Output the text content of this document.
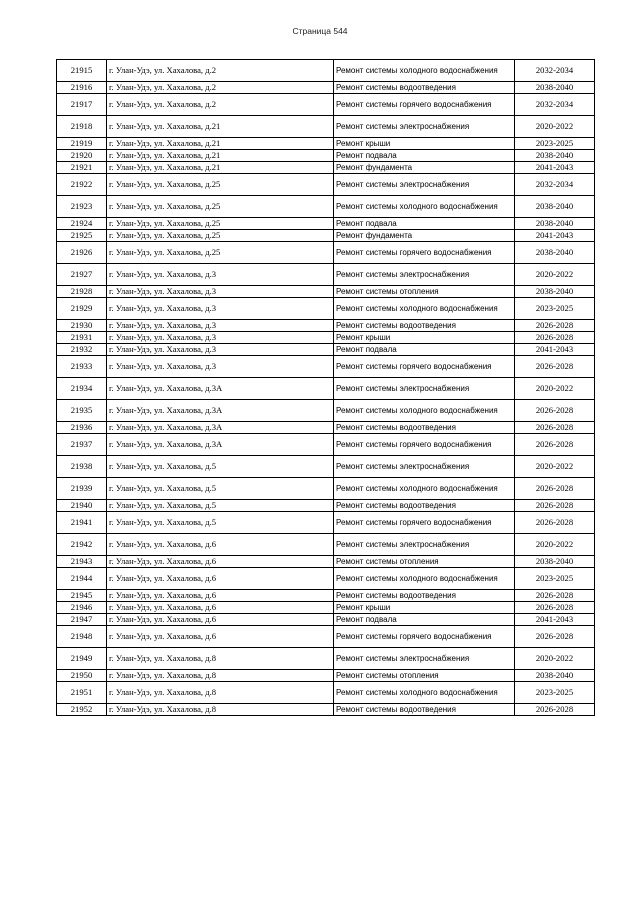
Страница 544
21915	г. Улан-Удэ, ул. Хахалова, д.2	Ремонт системы холодного водоснабжения	2032-2034
21916	г. Улан-Удэ, ул. Хахалова, д.2	Ремонт системы водоотведения	2038-2040
21917	г. Улан-Удэ, ул. Хахалова, д.2	Ремонт системы горячего водоснабжения	2032-2034
21918	г. Улан-Удэ, ул. Хахалова, д.21	Ремонт системы электроснабжения	2020-2022
21919	г. Улан-Удэ, ул. Хахалова, д.21	Ремонт крыши	2023-2025
21920	г. Улан-Удэ, ул. Хахалова, д.21	Ремонт подвала	2038-2040
21921	г. Улан-Удэ, ул. Хахалова, д.21	Ремонт фундамента	2041-2043
21922	г. Улан-Удэ, ул. Хахалова, д.25	Ремонт системы электроснабжения	2032-2034
21923	г. Улан-Удэ, ул. Хахалова, д.25	Ремонт системы холодного водоснабжения	2038-2040
21924	г. Улан-Удэ, ул. Хахалова, д.25	Ремонт подвала	2038-2040
21925	г. Улан-Удэ, ул. Хахалова, д.25	Ремонт фундамента	2041-2043
21926	г. Улан-Удэ, ул. Хахалова, д.25	Ремонт системы горячего водоснабжения	2038-2040
21927	г. Улан-Удэ, ул. Хахалова, д.3	Ремонт системы электроснабжения	2020-2022
21928	г. Улан-Удэ, ул. Хахалова, д.3	Ремонт системы отопления	2038-2040
21929	г. Улан-Удэ, ул. Хахалова, д.3	Ремонт системы холодного водоснабжения	2023-2025
21930	г. Улан-Удэ, ул. Хахалова, д.3	Ремонт системы водоотведения	2026-2028
21931	г. Улан-Удэ, ул. Хахалова, д.3	Ремонт крыши	2026-2028
21932	г. Улан-Удэ, ул. Хахалова, д.3	Ремонт подвала	2041-2043
21933	г. Улан-Удэ, ул. Хахалова, д.3	Ремонт системы горячего водоснабжения	2026-2028
21934	г. Улан-Удэ, ул. Хахалова, д.3А	Ремонт системы электроснабжения	2020-2022
21935	г. Улан-Удэ, ул. Хахалова, д.3А	Ремонт системы холодного водоснабжения	2026-2028
21936	г. Улан-Удэ, ул. Хахалова, д.3А	Ремонт системы водоотведения	2026-2028
21937	г. Улан-Удэ, ул. Хахалова, д.3А	Ремонт системы горячего водоснабжения	2026-2028
21938	г. Улан-Удэ, ул. Хахалова, д.5	Ремонт системы электроснабжения	2020-2022
21939	г. Улан-Удэ, ул. Хахалова, д.5	Ремонт системы холодного водоснабжения	2026-2028
21940	г. Улан-Удэ, ул. Хахалова, д.5	Ремонт системы водоотведения	2026-2028
21941	г. Улан-Удэ, ул. Хахалова, д.5	Ремонт системы горячего водоснабжения	2026-2028
21942	г. Улан-Удэ, ул. Хахалова, д.6	Ремонт системы электроснабжения	2020-2022
21943	г. Улан-Удэ, ул. Хахалова, д.6	Ремонт системы отопления	2038-2040
21944	г. Улан-Удэ, ул. Хахалова, д.6	Ремонт системы холодного водоснабжения	2023-2025
21945	г. Улан-Удэ, ул. Хахалова, д.6	Ремонт системы водоотведения	2026-2028
21946	г. Улан-Удэ, ул. Хахалова, д.6	Ремонт крыши	2026-2028
21947	г. Улан-Удэ, ул. Хахалова, д.6	Ремонт подвала	2041-2043
21948	г. Улан-Удэ, ул. Хахалова, д.6	Ремонт системы горячего водоснабжения	2026-2028
21949	г. Улан-Удэ, ул. Хахалова, д.8	Ремонт системы электроснабжения	2020-2022
21950	г. Улан-Удэ, ул. Хахалова, д.8	Ремонт системы отопления	2038-2040
21951	г. Улан-Удэ, ул. Хахалова, д.8	Ремонт системы холодного водоснабжения	2023-2025
21952	г. Улан-Удэ, ул. Хахалова, д.8	Ремонт системы водоотведения	2026-2028
